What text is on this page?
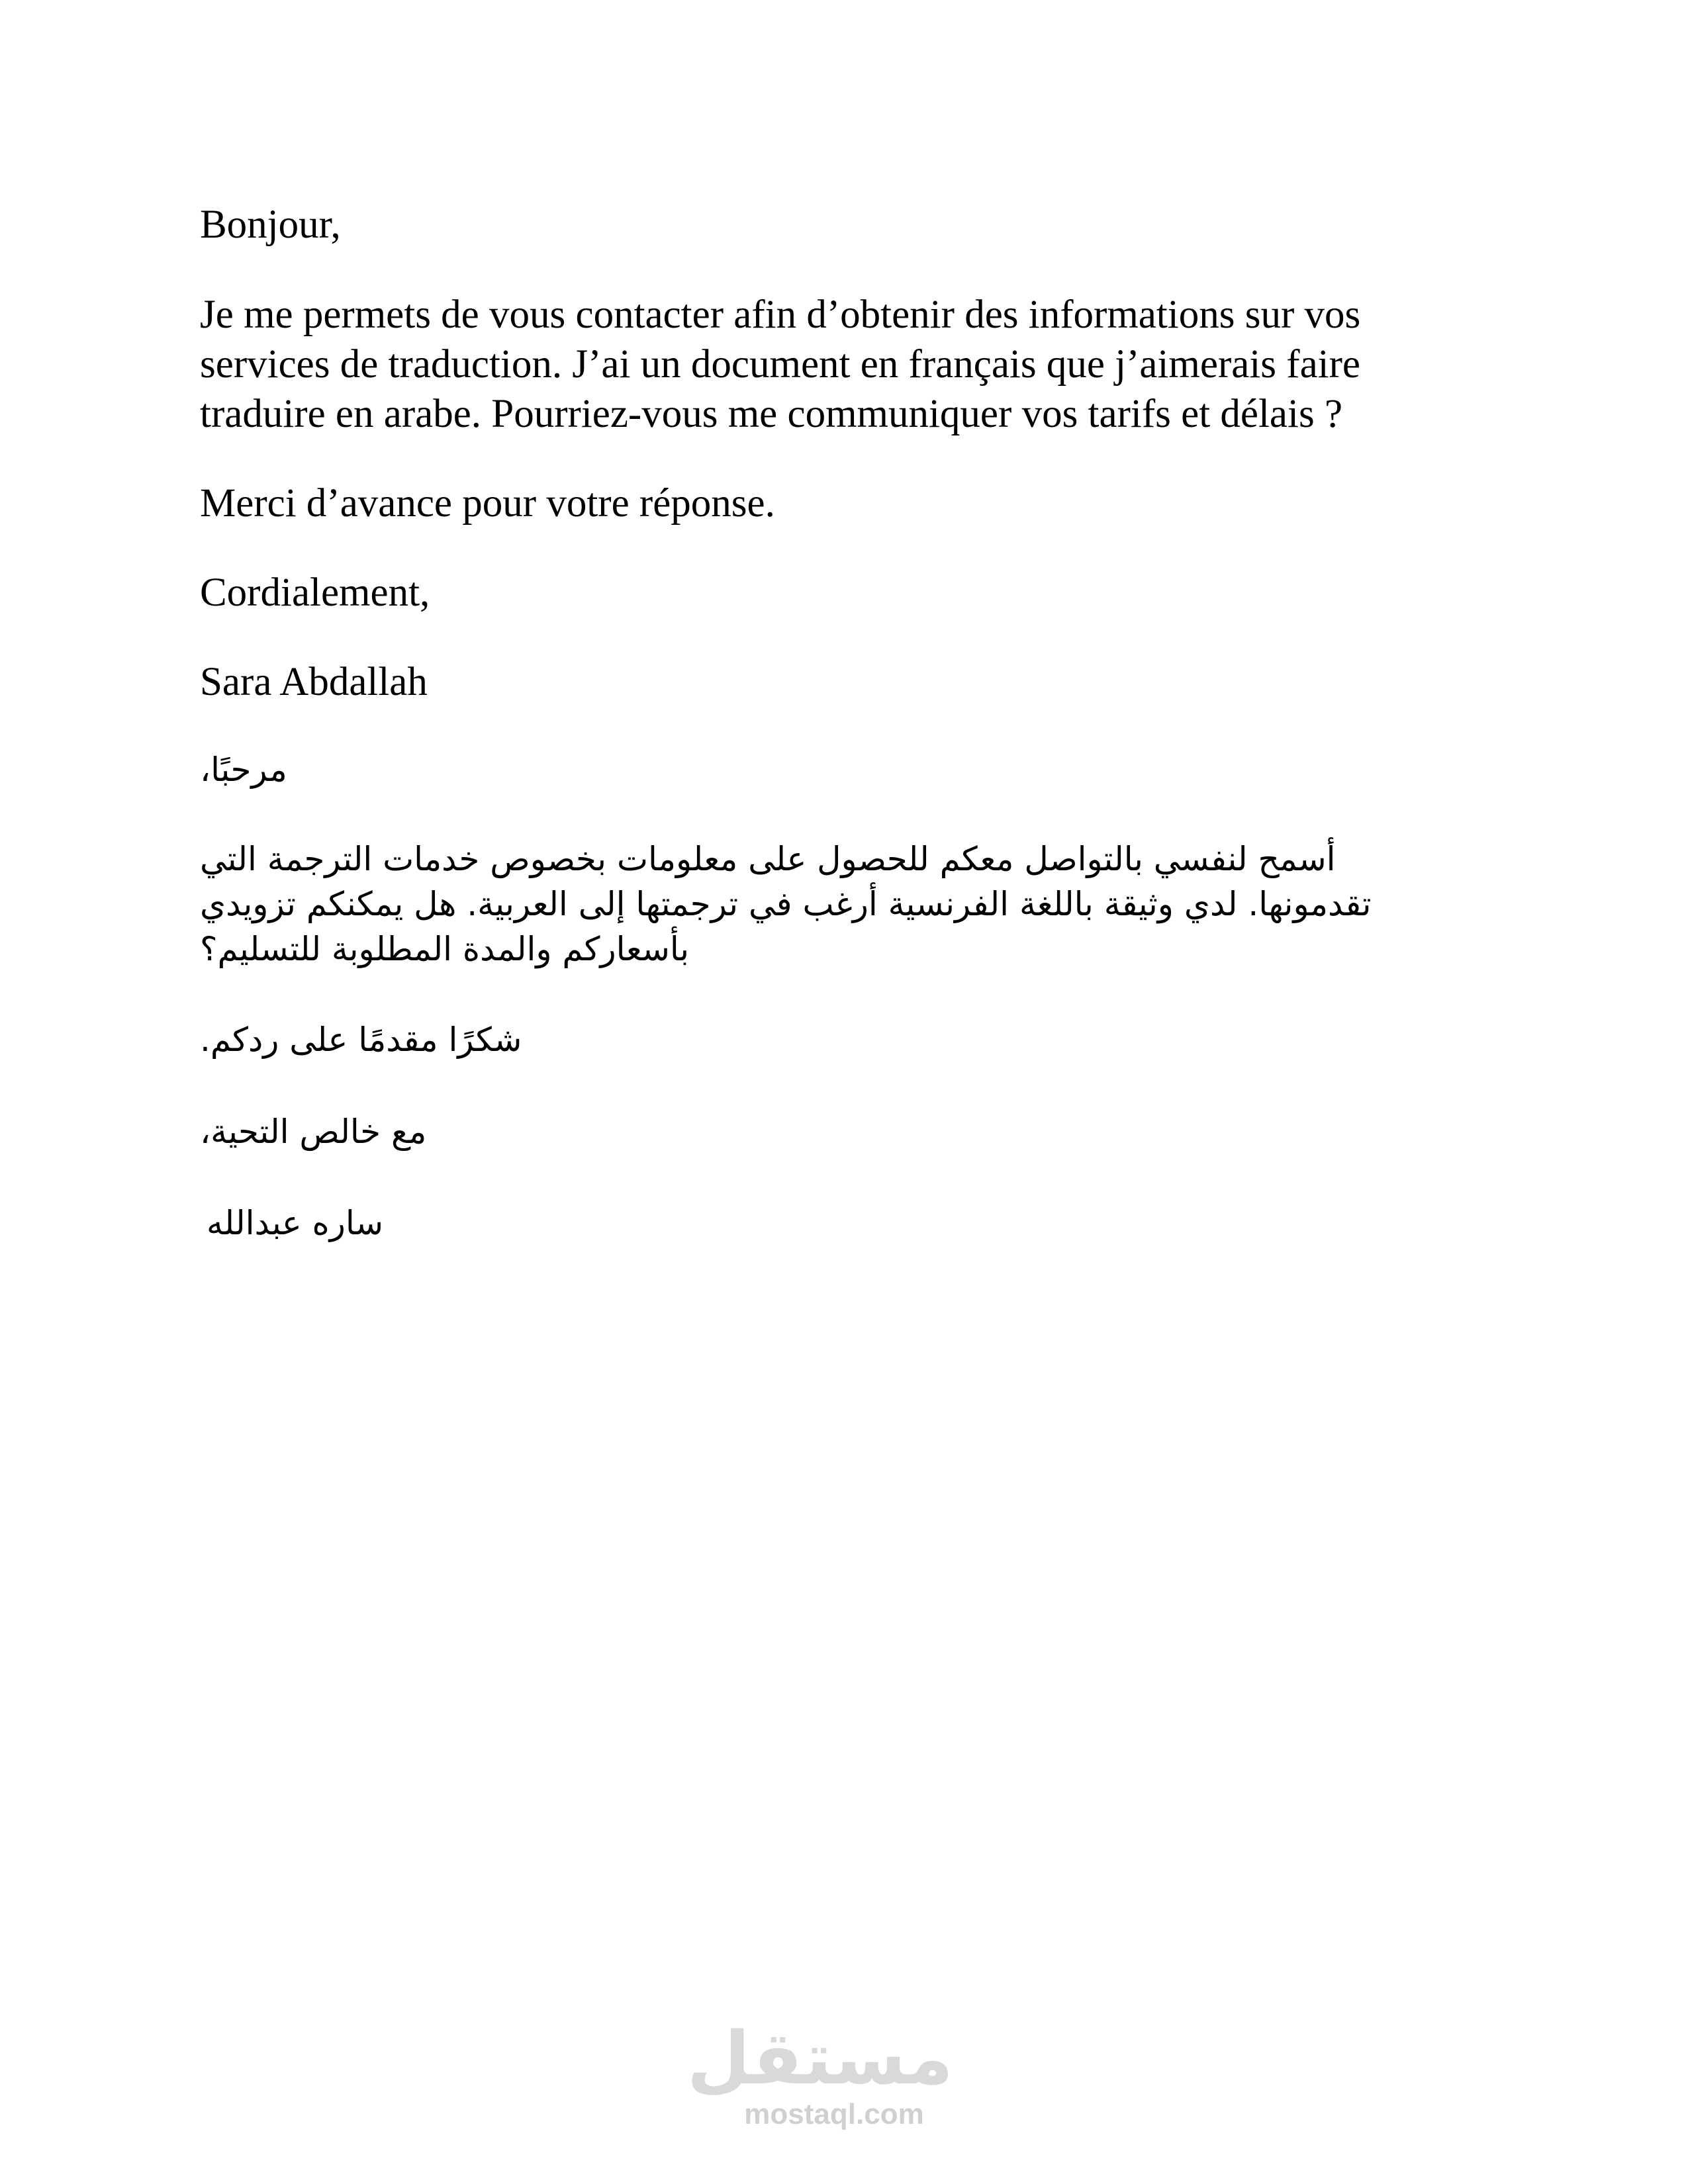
Bonjour,

Je me permets de vous contacter afin d’obtenir des informations sur vos

services de traduction. J’ai un document en français que j’aimerais faire

traduire en arabe. Pourriez-vous me communiquer vos tarifs et délais ?

Merci d’avance pour votre réponse.

Cordialement,

Sara Abdallah

مرحبًا،

أسمح لنفسي بالتواصل معكم للحصول على معلومات بخصوص خدمات الترجمة التي

تقدمونها. لدي وثيقة باللغة الفرنسية أرغب في ترجمتها إلى العربية. هل يمكنكم تزويدي

بأسعاركم والمدة المطلوبة للتسليم؟

شكرًا مقدمًا على ردكم.

مع خالص التحية،

ساره عبدالله

مستقل
mostaql.com
